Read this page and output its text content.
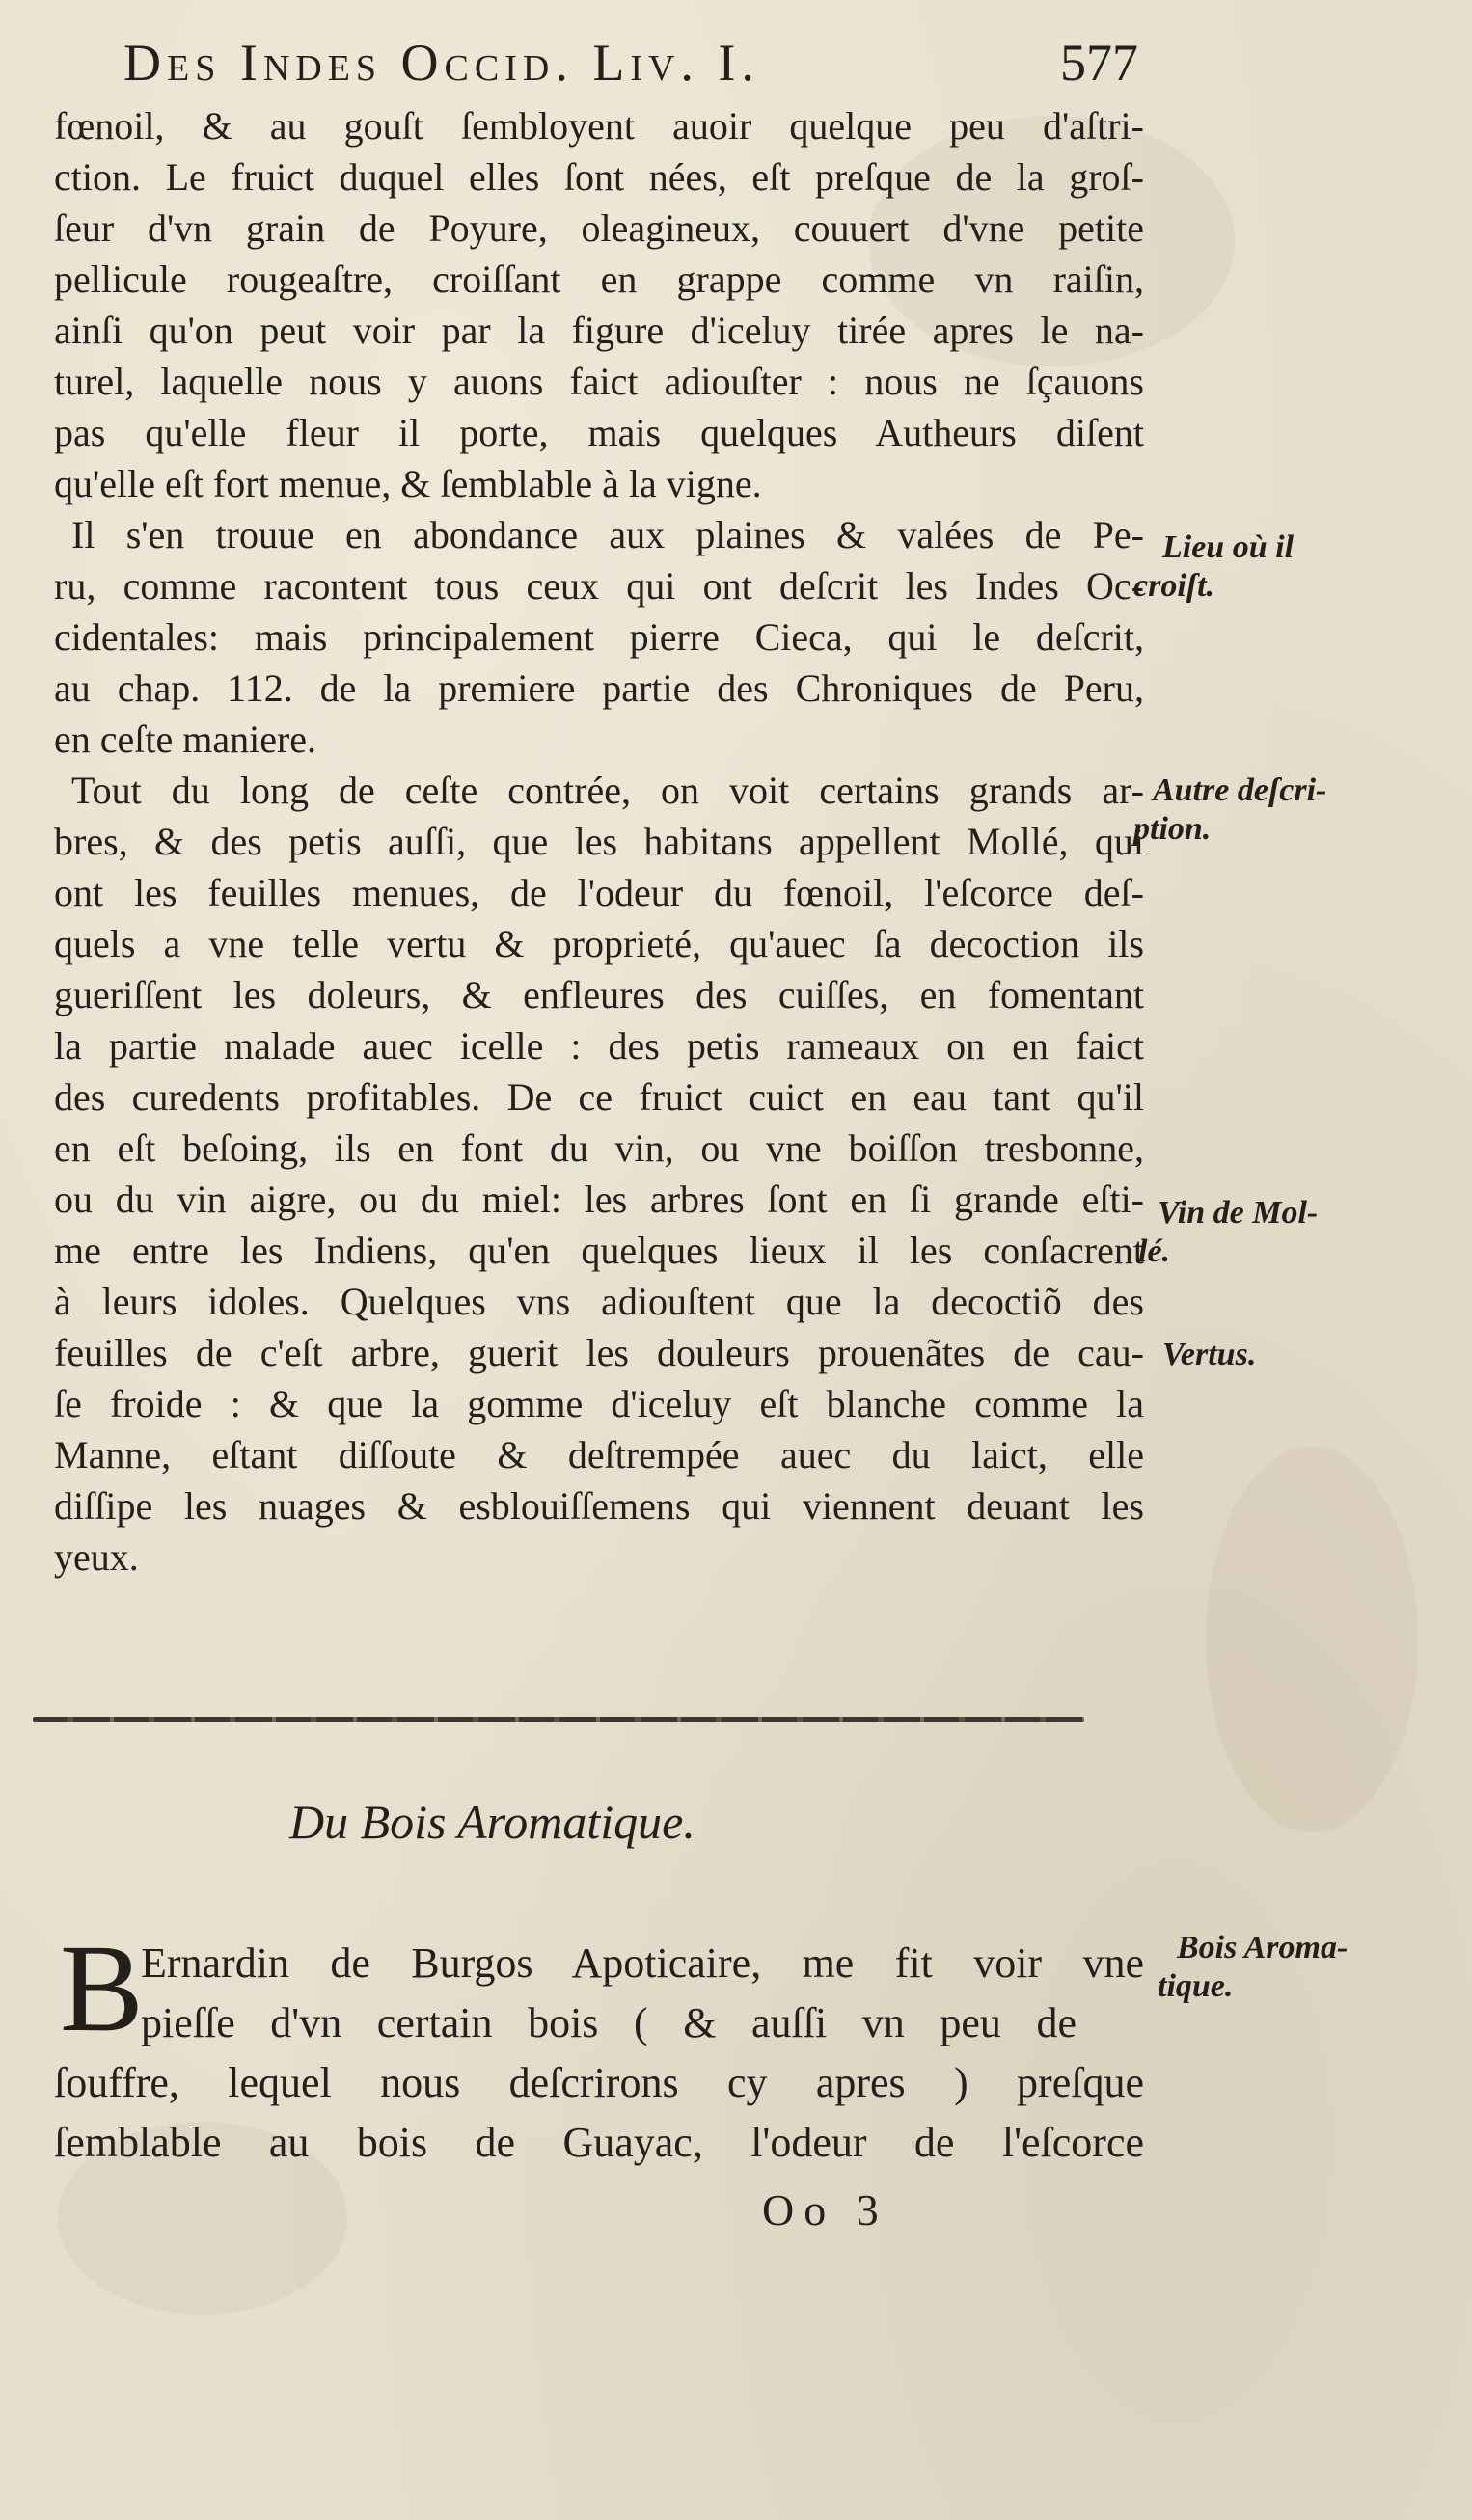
Des Indes Occid. Liv. I.	577
fœnoil, & au gouſt ſembloyent auoir quelque peu d'aſtri-
ction. Le fruict duquel elles ſont nées, eſt preſque de la groſ-
ſeur d'vn grain de Poyure, oleagineux, couuert d'vne petite
pellicule rougeaſtre, croiſſant en grappe comme vn raiſin,
ainſi qu'on peut voir par la figure d'iceluy tirée apres le na-
turel, laquelle nous y auons faict adiouſter : nous ne ſçauons
pas qu'elle fleur il porte, mais quelques Autheurs diſent
qu'elle eſt fort menue, & ſemblable à la vigne.
Il s'en trouue en abondance aux plaines & valées de Pe-
ru, comme racontent tous ceux qui ont deſcrit les Indes Oc-
cidentales: mais principalement pierre Cieca, qui le deſcrit,
au chap. 112. de la premiere partie des Chroniques de Peru,
en ceſte maniere.
Tout du long de ceſte contrée, on voit certains grands ar-
bres, & des petis auſſi, que les habitans appellent Mollé, qui
ont les feuilles menues, de l'odeur du fœnoil, l'eſcorce deſ-
quels a vne telle vertu & proprieté, qu'auec ſa decoction ils
gueriſſent les doleurs, & enfleures des cuiſſes, en fomentant
la partie malade auec icelle : des petis rameaux on en faict
des curedents profitables. De ce fruict cuict en eau tant qu'il
en eſt beſoing, ils en font du vin, ou vne boiſſon tresbonne,
ou du vin aigre, ou du miel: les arbres ſont en ſi grande eſti-
me entre les Indiens, qu'en quelques lieux il les conſacrent
à leurs idoles. Quelques vns adiouſtent que la decoctiõ des
feuilles de c'eſt arbre, guerit les douleurs prouenãtes de cau-
ſe froide : & que la gomme d'iceluy eſt blanche comme la
Manne, eſtant diſſoute & deſtrempée auec du laict, elle
diſſipe les nuages & esblouiſſemens qui viennent deuant les
yeux.
Lieu où il
croiſt.
Autre deſcri-
ption.
Vin de Mol-
lé.
Vertus.
Du Bois Aromatique.
B
Ernardin de Burgos Apoticaire, me fit voir vne
pieſſe d'vn certain bois ( & auſſi vn peu de
ſouffre, lequel nous deſcrirons cy apres ) preſque
ſemblable au bois de Guayac, l'odeur de l'eſcorce
Bois Aroma-
tique.
Oo 3
